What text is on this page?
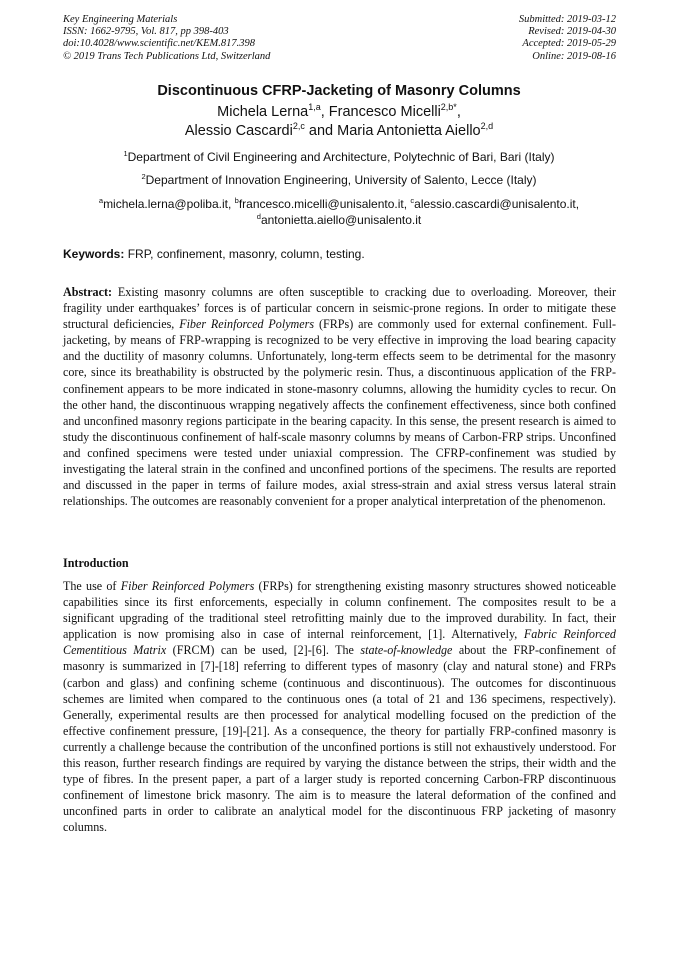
Key Engineering Materials
ISSN: 1662-9795, Vol. 817, pp 398-403
doi:10.4028/www.scientific.net/KEM.817.398
© 2019 Trans Tech Publications Ltd, Switzerland
Submitted: 2019-03-12
Revised: 2019-04-30
Accepted: 2019-05-29
Online: 2019-08-16
Discontinuous CFRP-Jacketing of Masonry Columns
Michela Lerna$^{1,a}$, Francesco Micelli$^{2,b*}$,
Alessio Cascardi$^{2,c}$ and Maria Antonietta Aiello$^{2,d}$
$^1$Department of Civil Engineering and Architecture, Polytechnic of Bari, Bari (Italy)
$^2$Department of Innovation Engineering, University of Salento, Lecce (Italy)
$^a$michela.lerna@poliba.it, $^b$francesco.micelli@unisalento.it, $^c$alessio.cascardi@unisalento.it,
$^d$antonietta.aiello@unisalento.it
Keywords: FRP, confinement, masonry, column, testing.
Abstract: Existing masonry columns are often susceptible to cracking due to overloading. Moreover, their fragility under earthquakes’ forces is of particular concern in seismic-prone regions. In order to mitigate these structural deficiencies, Fiber Reinforced Polymers (FRPs) are commonly used for external confinement. Full-jacketing, by means of FRP-wrapping is recognized to be very effective in improving the load bearing capacity and the ductility of masonry columns. Unfortunately, long-term effects seem to be detrimental for the masonry core, since its breathability is obstructed by the polymeric resin. Thus, a discontinuous application of the FRP-confinement appears to be more indicated in stone-masonry columns, allowing the humidity cycles to recur. On the other hand, the discontinuous wrapping negatively affects the confinement effectiveness, since both confined and unconfined masonry regions participate in the bearing capacity. In this sense, the present research is aimed to study the discontinuous confinement of half-scale masonry columns by means of Carbon-FRP strips. Unconfined and confined specimens were tested under uniaxial compression. The CFRP-confinement was studied by investigating the lateral strain in the confined and unconfined portions of the specimens. The results are reported and discussed in the paper in terms of failure modes, axial stress-strain and axial stress versus lateral strain relationships. The outcomes are reasonably convenient for a proper analytical interpretation of the phenomenon.
Introduction
The use of Fiber Reinforced Polymers (FRPs) for strengthening existing masonry structures showed noticeable capabilities since its first enforcements, especially in column confinement. The composites result to be a significant upgrading of the traditional steel retrofitting mainly due to the improved durability. In fact, their application is now promising also in case of internal reinforcement, [1]. Alternatively, Fabric Reinforced Cementitious Matrix (FRCM) can be used, [2]-[6]. The state-of-knowledge about the FRP-confinement of masonry is summarized in [7]-[18] referring to different types of masonry (clay and natural stone) and FRPs (carbon and glass) and confining scheme (continuous and discontinuous). The outcomes for discontinuous schemes are limited when compared to the continuous ones (a total of 21 and 136 specimens, respectively). Generally, experimental results are then processed for analytical modelling focused on the prediction of the effective confinement pressure, [19]-[21]. As a consequence, the theory for partially FRP-confined masonry is currently a challenge because the contribution of the unconfined portions is still not exhaustively understood. For this reason, further research findings are required by varying the distance between the strips, their width and the type of fibres. In the present paper, a part of a larger study is reported concerning Carbon-FRP discontinuous confinement of limestone brick masonry. The aim is to measure the lateral deformation of the confined and unconfined parts in order to calibrate an analytical model for the discontinuous FRP jacketing of masonry columns.
